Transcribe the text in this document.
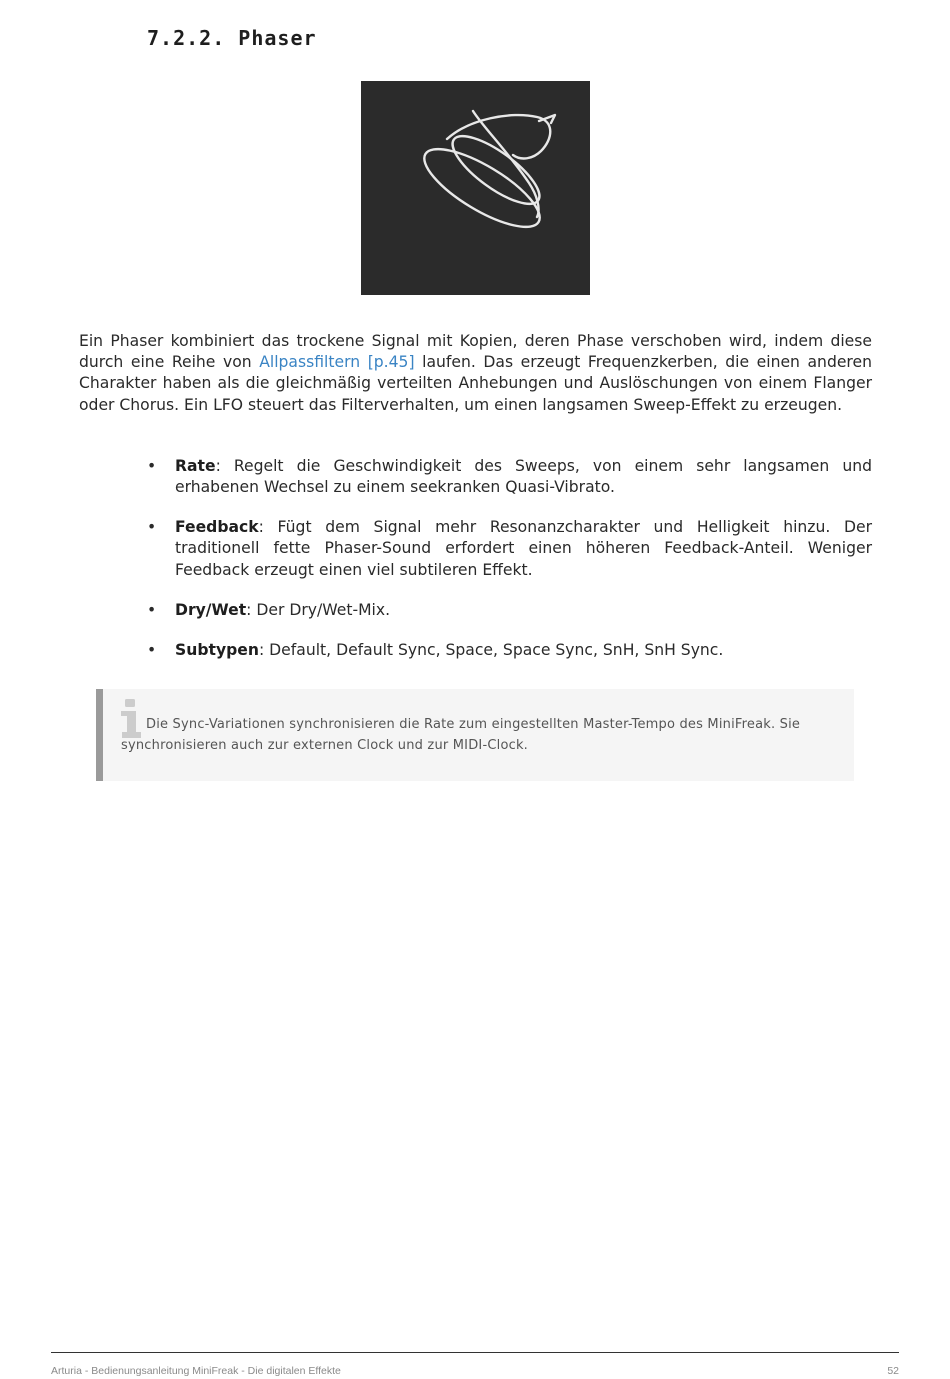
7.2.2. Phaser

Ein Phaser kombiniert das trockene Signal mit Kopien, deren Phase verschoben wird, indem diese durch eine Reihe von Allpassfiltern [p.45] laufen. Das erzeugt Frequenzkerben, die einen anderen Charakter haben als die gleichmäßig verteilten Anhebungen und Auslöschungen von einem Flanger oder Chorus. Ein LFO steuert das Filterverhalten, um einen langsamen Sweep-Effekt zu erzeugen.

• Rate: Regelt die Geschwindigkeit des Sweeps, von einem sehr langsamen und erhabenen Wechsel zu einem seekranken Quasi-Vibrato.
• Feedback: Fügt dem Signal mehr Resonanzcharakter und Helligkeit hinzu. Der traditionell fette Phaser-Sound erfordert einen höheren Feedback-Anteil. Weniger Feedback erzeugt einen viel subtileren Effekt.
• Dry/Wet: Der Dry/Wet-Mix.
• Subtypen: Default, Default Sync, Space, Space Sync, SnH, SnH Sync.

Die Sync-Variationen synchronisieren die Rate zum eingestellten Master-Tempo des MiniFreak. Sie synchronisieren auch zur externen Clock und zur MIDI-Clock.

Arturia - Bedienungsanleitung MiniFreak - Die digitalen Effekte	52
